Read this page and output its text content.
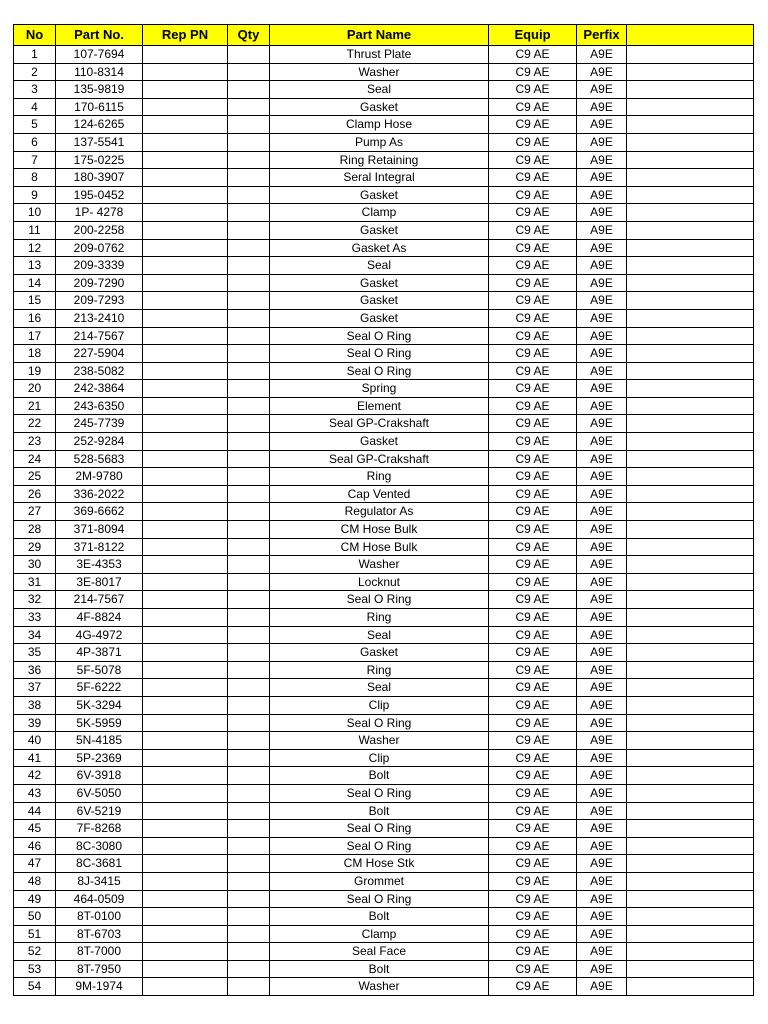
No	Part No.	Rep PN	Qty	Part Name	Equip	Perfix	
1	107-7694			Thrust Plate	C9 AE	A9E	
2	110-8314			Washer	C9 AE	A9E	
3	135-9819			Seal	C9 AE	A9E	
4	170-6115			Gasket	C9 AE	A9E	
5	124-6265			Clamp Hose	C9 AE	A9E	
6	137-5541			Pump As	C9 AE	A9E	
7	175-0225			Ring Retaining	C9 AE	A9E	
8	180-3907			Seral Integral	C9 AE	A9E	
9	195-0452			Gasket	C9 AE	A9E	
10	1P- 4278			Clamp	C9 AE	A9E	
11	200-2258			Gasket	C9 AE	A9E	
12	209-0762			Gasket As	C9 AE	A9E	
13	209-3339			Seal	C9 AE	A9E	
14	209-7290			Gasket	C9 AE	A9E	
15	209-7293			Gasket	C9 AE	A9E	
16	213-2410			Gasket	C9 AE	A9E	
17	214-7567			Seal O Ring	C9 AE	A9E	
18	227-5904			Seal O Ring	C9 AE	A9E	
19	238-5082			Seal O Ring	C9 AE	A9E	
20	242-3864			Spring	C9 AE	A9E	
21	243-6350			Element	C9 AE	A9E	
22	245-7739			Seal GP-Crakshaft	C9 AE	A9E	
23	252-9284			Gasket	C9 AE	A9E	
24	528-5683			Seal GP-Crakshaft	C9 AE	A9E	
25	2M-9780			Ring	C9 AE	A9E	
26	336-2022			Cap Vented	C9 AE	A9E	
27	369-6662			Regulator As	C9 AE	A9E	
28	371-8094			CM Hose Bulk	C9 AE	A9E	
29	371-8122			CM Hose Bulk	C9 AE	A9E	
30	3E-4353			Washer	C9 AE	A9E	
31	3E-8017			Locknut	C9 AE	A9E	
32	214-7567			Seal O Ring	C9 AE	A9E	
33	4F-8824			Ring	C9 AE	A9E	
34	4G-4972			Seal	C9 AE	A9E	
35	4P-3871			Gasket	C9 AE	A9E	
36	5F-5078			Ring	C9 AE	A9E	
37	5F-6222			Seal	C9 AE	A9E	
38	5K-3294			Clip	C9 AE	A9E	
39	5K-5959			Seal O Ring	C9 AE	A9E	
40	5N-4185			Washer	C9 AE	A9E	
41	5P-2369			Clip	C9 AE	A9E	
42	6V-3918			Bolt	C9 AE	A9E	
43	6V-5050			Seal O Ring	C9 AE	A9E	
44	6V-5219			Bolt	C9 AE	A9E	
45	7F-8268			Seal O Ring	C9 AE	A9E	
46	8C-3080			Seal O Ring	C9 AE	A9E	
47	8C-3681			CM Hose Stk	C9 AE	A9E	
48	8J-3415			Grommet	C9 AE	A9E	
49	464-0509			Seal O Ring	C9 AE	A9E	
50	8T-0100			Bolt	C9 AE	A9E	
51	8T-6703			Clamp	C9 AE	A9E	
52	8T-7000			Seal Face	C9 AE	A9E	
53	8T-7950			Bolt	C9 AE	A9E	
54	9M-1974			Washer	C9 AE	A9E	
